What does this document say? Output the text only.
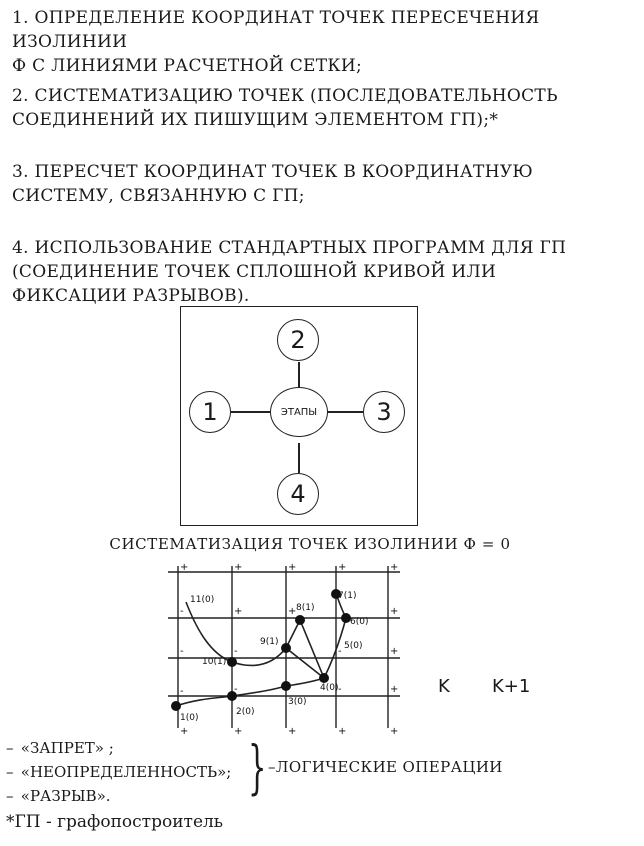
1. ОПРЕДЕЛЕНИЕ КООРДИНАТ ТОЧЕК ПЕРЕСЕЧЕНИЯ ИЗОЛИНИИ
Ф С ЛИНИЯМИ РАСЧЕТНОЙ СЕТКИ;
2. СИСТЕМАТИЗАЦИЮ ТОЧЕК (ПОСЛЕДОВАТЕЛЬНОСТЬ
СОЕДИНЕНИЙ ИХ ПИШУЩИМ ЭЛЕМЕНТОМ ГП);*
3. ПЕРЕСЧЕТ КООРДИНАТ ТОЧЕК В КООРДИНАТНУЮ
СИСТЕМУ, СВЯЗАННУЮ С ГП;
4. ИСПОЛЬЗОВАНИЕ СТАНДАРТНЫХ ПРОГРАММ ДЛЯ ГП
(СОЕДИНЕНИЕ ТОЧЕК СПЛОШНОЙ КРИВОЙ ИЛИ
ФИКСАЦИИ РАЗРЫВОВ).
2
1	3
4
ЭТАПЫ
СИСТЕМАТИЗАЦИЯ ТОЧЕК ИЗОЛИНИИ Ф = 0
1(0)
2(0)
3(0)
4(0)
5(0)
6(0)
7(1)
8(1)
9(1)
10(1)
11(0)
+	+	+	+	+
-	+	+	+
-	-	-	+
-	-	-	+
+	+	+	+	+
K K+1
– «ЗАПРЕТ» ;
– «НЕОПРЕДЕЛЕННОСТЬ»;
– «РАЗРЫВ».	} –ЛОГИЧЕСКИЕ ОПЕРАЦИИ
*ГП - графопостроитель
